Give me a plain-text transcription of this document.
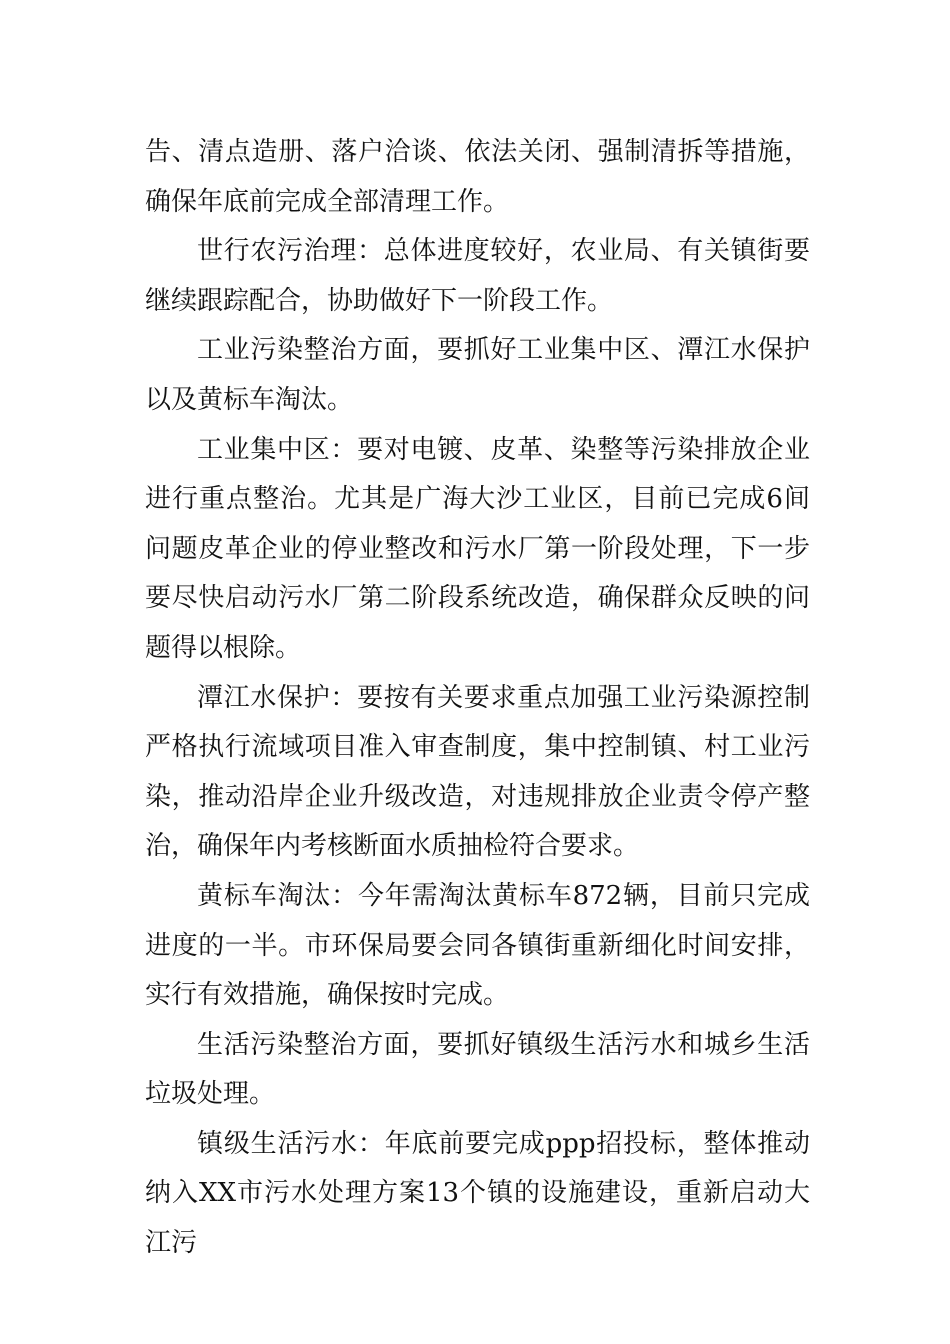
告、清点造册、落户洽谈、依法关闭、强制清拆等措施，确保年底前完成全部清理工作。

世行农污治理：总体进度较好，农业局、有关镇街要继续跟踪配合，协助做好下一阶段工作。

工业污染整治方面，要抓好工业集中区、潭江水保护以及黄标车淘汰。

工业集中区：要对电镀、皮革、染整等污染排放企业进行重点整治。尤其是广海大沙工业区，目前已完成6间问题皮革企业的停业整改和污水厂第一阶段处理，下一步要尽快启动污水厂第二阶段系统改造，确保群众反映的问题得以根除。

潭江水保护：要按有关要求重点加强工业污染源控制严格执行流域项目准入审查制度，集中控制镇、村工业污染，推动沿岸企业升级改造，对违规排放企业责令停产整治，确保年内考核断面水质抽检符合要求。

黄标车淘汰：今年需淘汰黄标车872辆，目前只完成进度的一半。市环保局要会同各镇街重新细化时间安排，实行有效措施，确保按时完成。

生活污染整治方面，要抓好镇级生活污水和城乡生活垃圾处理。

镇级生活污水：年底前要完成ppp招投标，整体推动纳入XX市污水处理方案13个镇的设施建设，重新启动大江污
